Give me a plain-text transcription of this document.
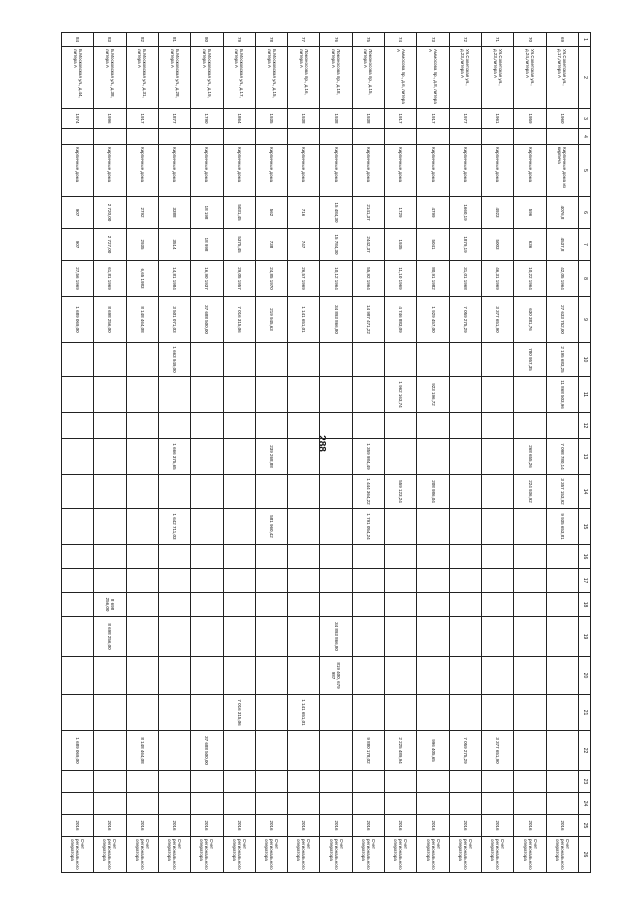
288
1	2	3	4	5	6	7	8	9	10	11	12	13	14	15	16	17	18	19	20	21	22	23	24	25	26
69	Ул.Советская ул., д.17,литера А	1960		Кирпичные дома из кирпича	4076,8	4537,8	42,05 1964	27 633 752,00	2 195 683,25	11 868 503,96		7 098 780,14	3 357 153,92	9 935 653,81										2016	Счет регионального оператора
70	Ул.Советская ул., д.24,литера А	1959		Кирпичные дома	596	636	10,22 1964	630 381,76	780 957,35			268 655,26	224 936,92											2016	Счет регионального оператора
71	Ул.Советская ул., д.23,литера А	1961		Кирпичные дома	4923	5003	46,31 1969	3 377 651,90													3 377 651,90			2016	Счет регионального оператора
72	Ул.Советская ул., д.23,литера А	1977		Кирпичные дома	1660,19	1879,19	31,01 1968	7 059 275,29													7 059 275,29			2016	Счет регионального оператора
73	Аммосова пр., д.8, литера А	1917		Кирпичные дома	4799	5041	80,91 1982	1 929 457,00		923 196,72			208 986,04								996 405,65			2016	Счет регионального оператора
74	Аммосова пр., д.6, литера А	1917		Кирпичные дома	1729	1935	11,10 1969	4 746 883,09		1 962 163,74			559 123,24								2 225 489,94			2016	Счет регионального оператора
75	Ломоносова пр., д.15, литера А	1938		Кирпичные дома	2141,37	2442,37	55,92 1964	14 987 471,22				1 359 984,49	1 444 364,22	1 791 054,24							9 880 178,02			2016	Счет регионального оператора
76	Ломоносова пр., д.18, литера А	1938		Кирпичные дома	15 484,30	15 784,30	10,12 1964	34 893 866,80										34 893 866,80	819 400, 679 987					2016	Счет регионального оператора
77	Ломоносова пр., д.16, литера А	1938		Кирпичные дома	716	747	26,57 1969	1 141 651,01												1 141 651,01				2016	Счет регионального оператора
78	Б.Московская ул., д.15, литера А	1935		Кирпичные дома	562	738	24,85 1970	219 945,63				239 268,88		581 960,42										2016	Счет регионального оператора
79	Б.Московская ул., д.17, литера А	1864		Кирпичные дома	5031,45	5375,45	29,05 1957	7 016 315,06												7 016 315,06				2016	Счет регионального оператора
80	Б.Московская ул., д.19, литера А	1790		Кирпичные дома	18 198	18 998	16,90 1937	37 688 500,00													37 688 500,00			2016	Счет регионального оператора
81	Б.Московская ул., д.28, литера А	1877		Кирпичные дома	3388	3514	14,81 1984	3 501 071,03	1 663 949,00			1 666 375,65		1 642 711,03										2016	Счет регионального оператора
82	Б.Московская ул., д.31, литера А	1917		Кирпичные дома	2792	2935	6,65 1983	8 148 464,08													8 148 464,08			2016	Счет регионального оператора
83	Б.Московская ул., д.38, литера А	1996		Кирпичные дома	2 720,00	2 727,00	61,81 1969	8 698 256,00									8 698 256,00	8 698 256,00						2016	Счет регионального оператора
84	Б.Московская ул., д.44, литера А	1974		Кирпичные дома	907	907	27,56 1969	1 689 069,00													1 689 069,00			2016	Счет регионального оператора
